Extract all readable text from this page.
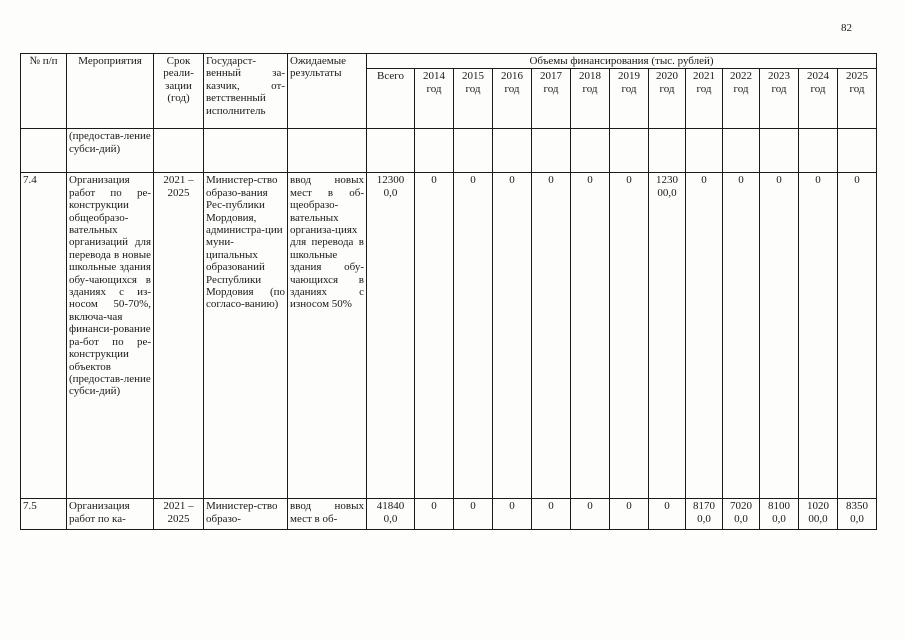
82
№ п/п	Мероприятия	Срок реали-зации (год)	Государст-венный за-казчик, от-ветственный исполнитель	Ожидаемые результаты	Объемы финансирования (тыс. рублей)												
					Всего	2014 год	2015 год	2016 год	2017 год	2018 год	2019 год	2020 год	2021 год	2022 год	2023 год	2024 год	2025 год
	(предостав-ление субси-дий)																
7.4	Организация работ по ре-конструкции общеобразо-вательных организаций для перевода в новые школьные здания обу-чающихся в зданиях с из-носом 50-70%, включа-чая финанси-рование ра-бот по ре-конструкции объектов (предостав-ление субси-дий)	2021 – 2025	Министер-ство образо-вания Рес-публики Мордовия, администра-ции муни-ципальных образований Республики Мордовия (по согласо-ванию)	ввод новых мест в об-щеобразо-вательных организа-циях для перевода в школьные здания обу-чающихся в зданиях с износом 50%	12300 0,0	0	0	0	0	0	0	1230 00,0	0	0	0	0	0
7.5	Организация работ по ка-	2021 – 2025	Министер-ство образо-	ввод новых мест в об-	41840 0,0	0	0	0	0	0	0	0	8170 0,0	7020 0,0	8100 0,0	1020 00,0	8350 0,0
